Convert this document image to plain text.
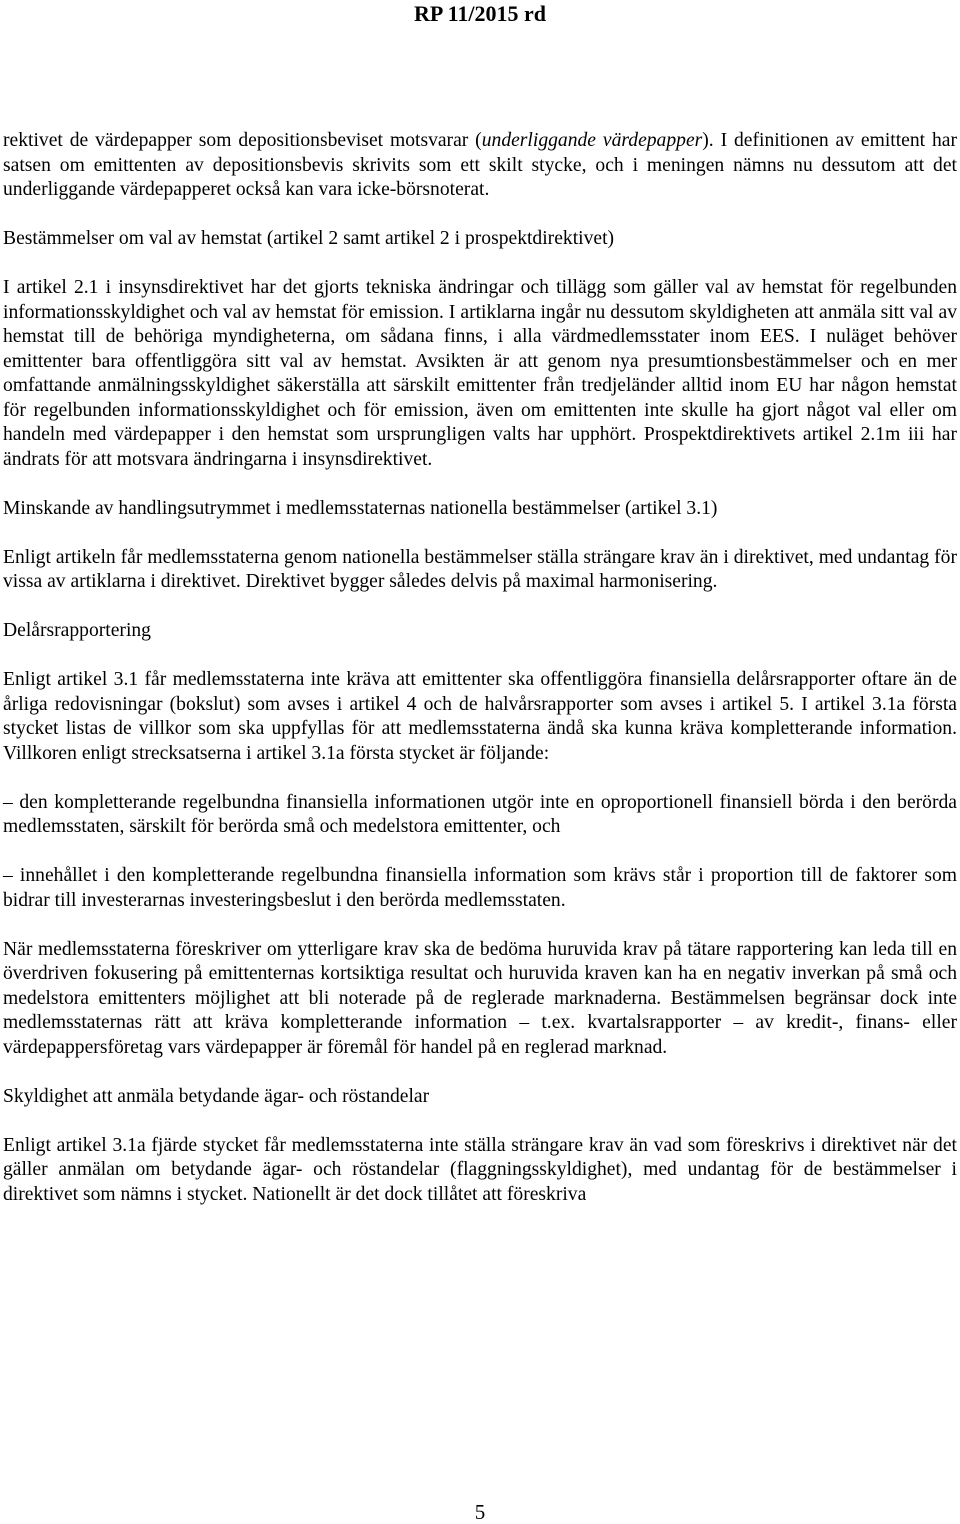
RP 11/2015 rd

rektivet de värdepapper som depositionsbeviset motsvarar (underliggande värdepapper). I definitionen av emittent har satsen om emittenten av depositionsbevis skrivits som ett skilt stycke, och i meningen nämns nu dessutom att det underliggande värdepapperet också kan vara icke-börsnoterat.

Bestämmelser om val av hemstat (artikel 2 samt artikel 2 i prospektdirektivet)

I artikel 2.1 i insynsdirektivet har det gjorts tekniska ändringar och tillägg som gäller val av hemstat för regelbunden informationsskyldighet och val av hemstat för emission. I artiklarna ingår nu dessutom skyldigheten att anmäla sitt val av hemstat till de behöriga myndigheterna, om sådana finns, i alla värdmedlemsstater inom EES. I nuläget behöver emittenter bara offentliggöra sitt val av hemstat. Avsikten är att genom nya presumtionsbestämmelser och en mer omfattande anmälningsskyldighet säkerställa att särskilt emittenter från tredjeländer alltid inom EU har någon hemstat för regelbunden informationsskyldighet och för emission, även om emittenten inte skulle ha gjort något val eller om handeln med värdepapper i den hemstat som ursprungligen valts har upphört. Prospektdirektivets artikel 2.1m iii har ändrats för att motsvara ändringarna i insynsdirektivet.

Minskande av handlingsutrymmet i medlemsstaternas nationella bestämmelser (artikel 3.1)

Enligt artikeln får medlemsstaterna genom nationella bestämmelser ställa strängare krav än i direktivet, med undantag för vissa av artiklarna i direktivet. Direktivet bygger således delvis på maximal harmonisering.

Delårsrapportering

Enligt artikel 3.1 får medlemsstaterna inte kräva att emittenter ska offentliggöra finansiella delårsrapporter oftare än de årliga redovisningar (bokslut) som avses i artikel 4 och de halvårsrapporter som avses i artikel 5. I artikel 3.1a första stycket listas de villkor som ska uppfyllas för att medlemsstaterna ändå ska kunna kräva kompletterande information. Villkoren enligt strecksatserna i artikel 3.1a första stycket är följande:

– den kompletterande regelbundna finansiella informationen utgör inte en oproportionell finansiell börda i den berörda medlemsstaten, särskilt för berörda små och medelstora emittenter, och

– innehållet i den kompletterande regelbundna finansiella information som krävs står i proportion till de faktorer som bidrar till investerarnas investeringsbeslut i den berörda medlemsstaten.

När medlemsstaterna föreskriver om ytterligare krav ska de bedöma huruvida krav på tätare rapportering kan leda till en överdriven fokusering på emittenternas kortsiktiga resultat och huruvida kraven kan ha en negativ inverkan på små och medelstora emittenters möjlighet att bli noterade på de reglerade marknaderna. Bestämmelsen begränsar dock inte medlemsstaternas rätt att kräva kompletterande information – t.ex. kvartalsrapporter – av kredit-, finans- eller värdepappersföretag vars värdepapper är föremål för handel på en reglerad marknad.

Skyldighet att anmäla betydande ägar- och röstandelar

Enligt artikel 3.1a fjärde stycket får medlemsstaterna inte ställa strängare krav än vad som föreskrivs i direktivet när det gäller anmälan om betydande ägar- och röstandelar (flaggningsskyldighet), med undantag för de bestämmelser i direktivet som nämns i stycket. Nationellt är det dock tillåtet att föreskriva

5
